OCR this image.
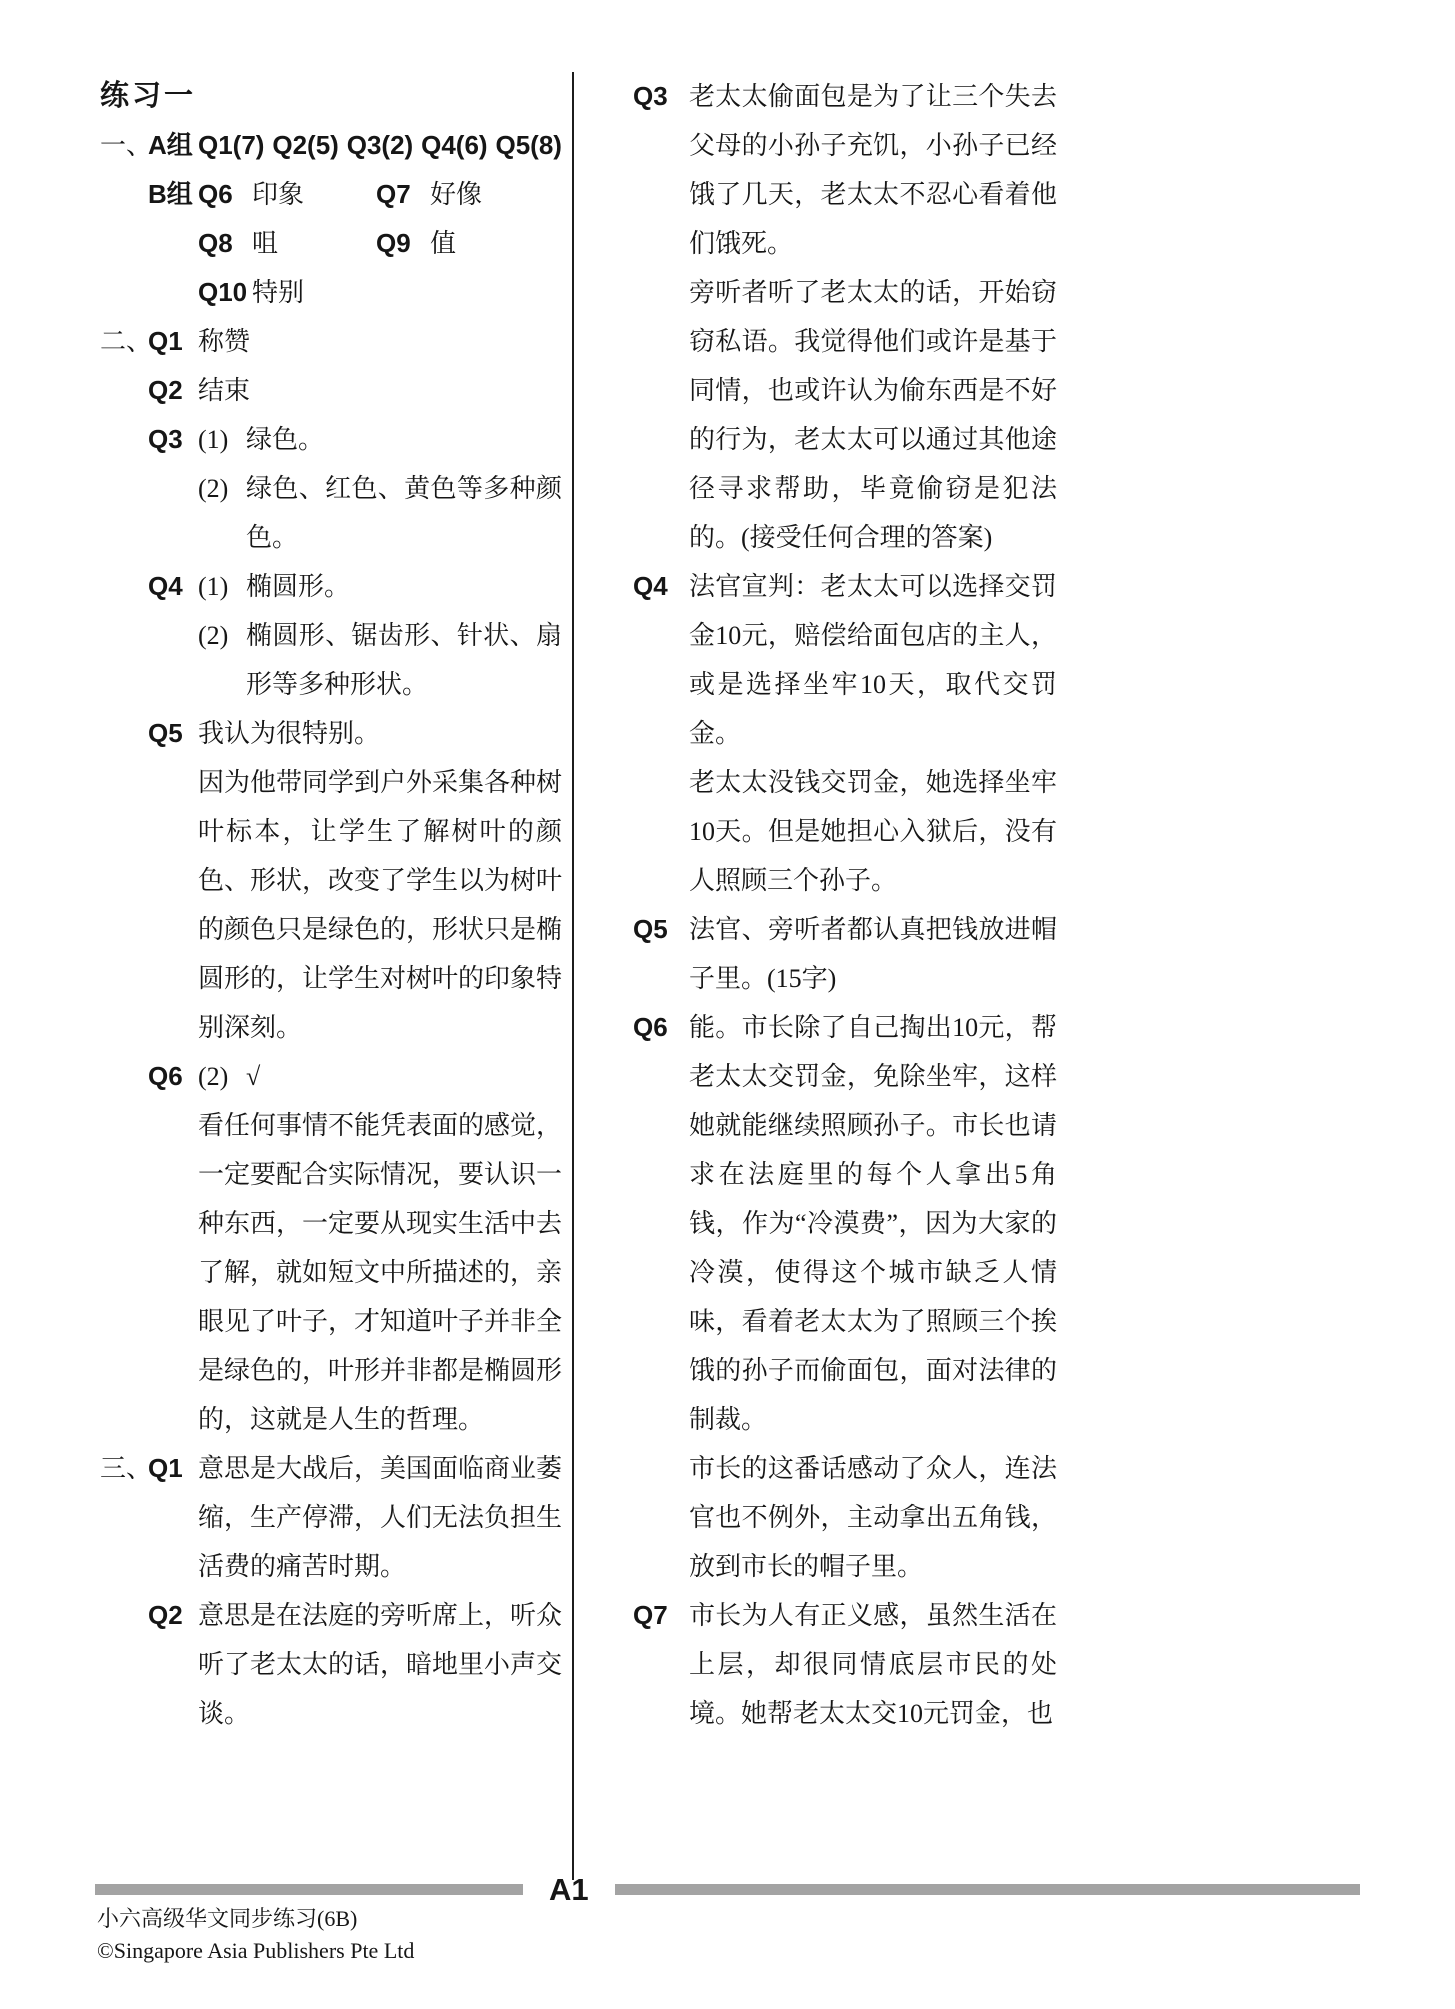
练习一
一、
A组 Q1(7) Q2(5) Q3(2) Q4(6) Q5(8)
B组 Q6 印象	Q7 好像
Q8 咀	Q9 值
Q10 特别
二、
Q1 称赞
Q2 结束
Q3 (1) 绿色。
(2) 绿色、红色、黄色等多种颜色。
Q4 (1) 椭圆形。
(2) 椭圆形、锯齿形、针状、扇形等多种形状。
Q5 我认为很特别。
因为他带同学到户外采集各种树叶标本，让学生了解树叶的颜色、形状，改变了学生以为树叶的颜色只是绿色的，形状只是椭圆形的，让学生对树叶的印象特别深刻。
Q6 (2) √
看任何事情不能凭表面的感觉，一定要配合实际情况，要认识一种东西，一定要从现实生活中去了解，就如短文中所描述的，亲眼见了叶子，才知道叶子并非全是绿色的，叶形并非都是椭圆形的，这就是人生的哲理。
三、
Q1 意思是大战后，美国面临商业萎缩，生产停滞，人们无法负担生活费的痛苦时期。
Q2 意思是在法庭的旁听席上，听众听了老太太的话，暗地里小声交谈。
Q3 老太太偷面包是为了让三个失去父母的小孙子充饥，小孙子已经饿了几天，老太太不忍心看着他们饿死。
旁听者听了老太太的话，开始窃窃私语。我觉得他们或许是基于同情，也或许认为偷东西是不好的行为，老太太可以通过其他途径寻求帮助，毕竟偷窃是犯法的。(接受任何合理的答案)
Q4 法官宣判：老太太可以选择交罚金10元，赔偿给面包店的主人，或是选择坐牢10天，取代交罚金。
老太太没钱交罚金，她选择坐牢10天。但是她担心入狱后，没有人照顾三个孙子。
Q5 法官、旁听者都认真把钱放进帽子里。(15字)
Q6 能。市长除了自己掏出10元，帮老太太交罚金，免除坐牢，这样她就能继续照顾孙子。市长也请求在法庭里的每个人拿出5角钱，作为“冷漠费”，因为大家的冷漠，使得这个城市缺乏人情味，看着老太太为了照顾三个挨饿的孙子而偷面包，面对法律的制裁。
市长的这番话感动了众人，连法官也不例外，主动拿出五角钱，放到市长的帽子里。
Q7 市长为人有正义感，虽然生活在上层，却很同情底层市民的处境。她帮老太太交10元罚金，也
A1
小六高级华文同步练习(6B)
©Singapore Asia Publishers Pte Ltd
